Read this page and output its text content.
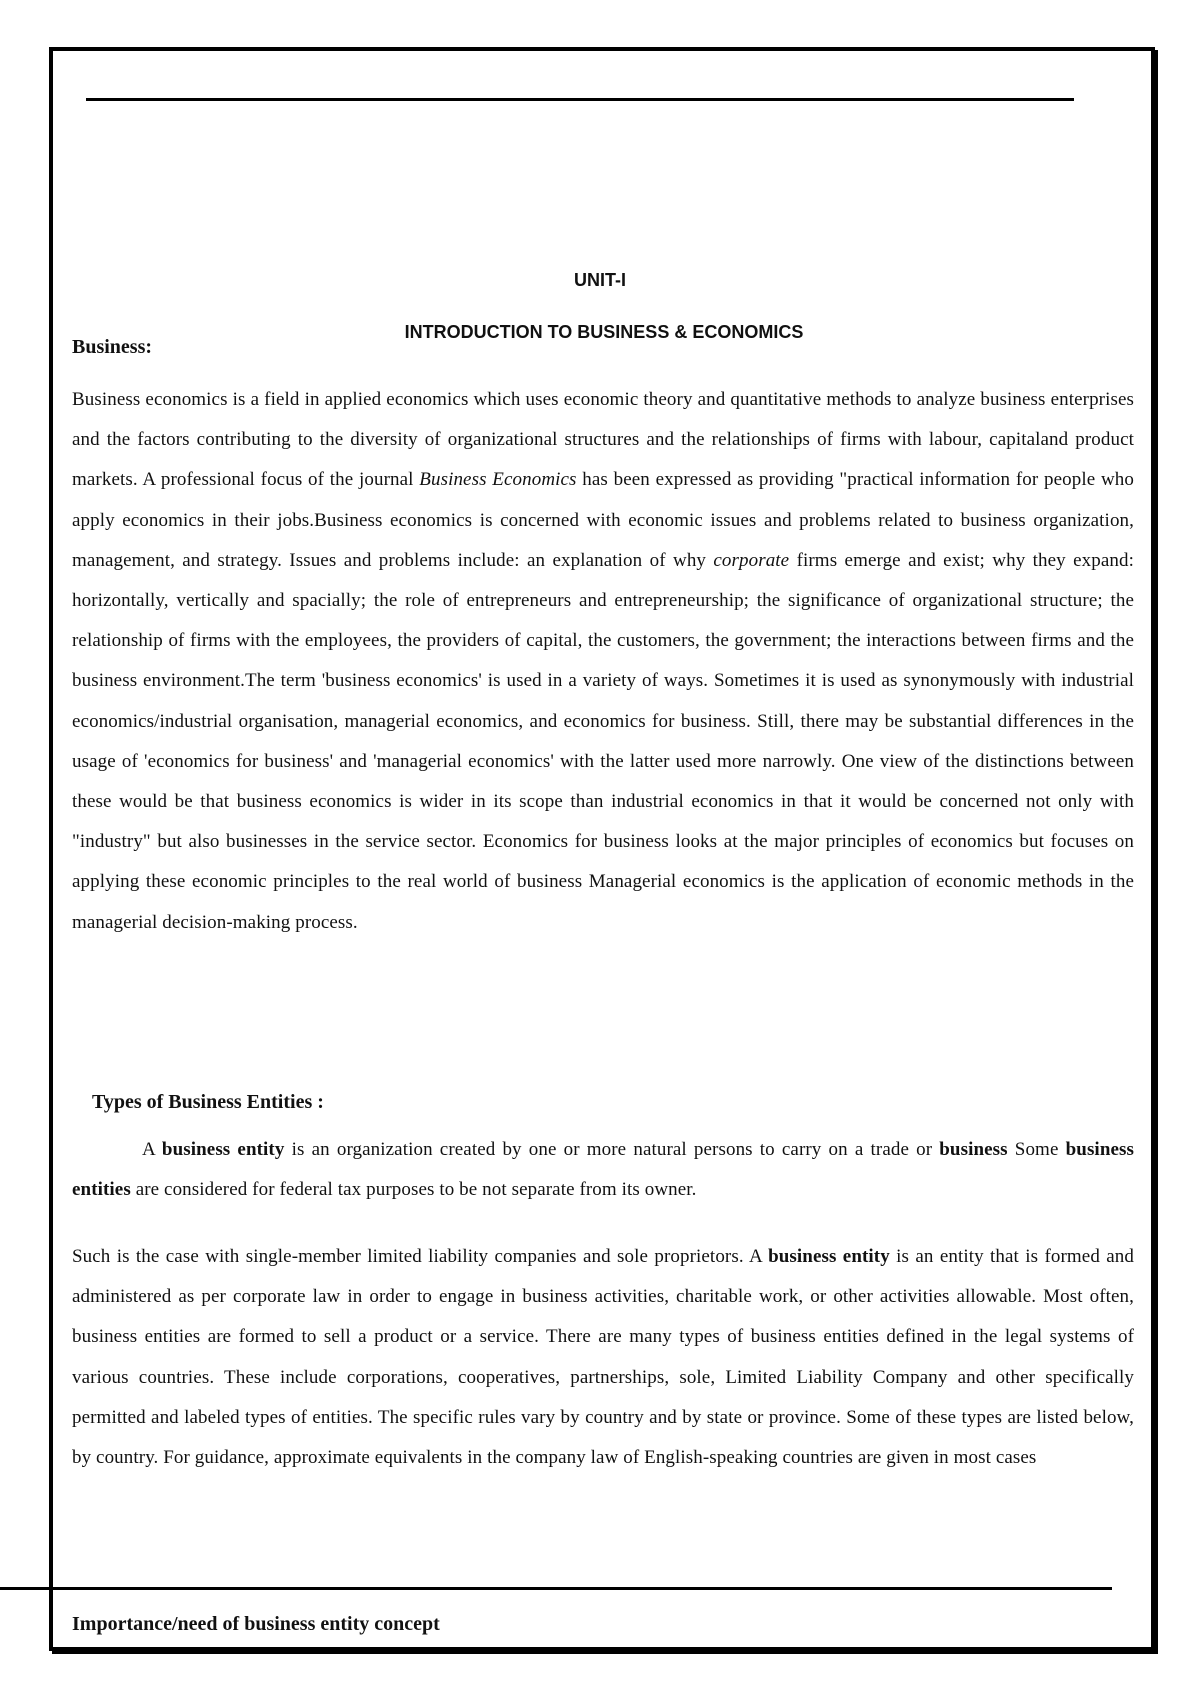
UNIT-I
INTRODUCTION TO BUSINESS & ECONOMICS
Business:
Business economics is a field in applied economics which uses economic theory and quantitative methods to analyze business enterprises and the factors contributing to the diversity of organizational structures and the relationships of firms with labour, capitaland product markets. A professional focus of the journal Business Economics has been expressed as providing "practical information for people who apply economics in their jobs.Business economics is concerned with economic issues and problems related to business organization, management, and strategy. Issues and problems include: an explanation of why corporate firms emerge and exist; why they expand: horizontally, vertically and spacially; the role of entrepreneurs and entrepreneurship; the significance of organizational structure; the relationship of firms with the employees, the providers of capital, the customers, the government; the interactions between firms and the business environment.The term 'business economics' is used in a variety of ways. Sometimes it is used as synonymously with industrial economics/industrial organisation, managerial economics, and economics for business. Still, there may be substantial differences in the usage of 'economics for business' and 'managerial economics' with the latter used more narrowly. One view of the distinctions between these would be that business economics is wider in its scope than industrial economics in that it would be concerned not only with "industry" but also businesses in the service sector. Economics for business looks at the major principles of economics but focuses on applying these economic principles to the real world of business Managerial economics is the application of economic methods in the managerial decision-making process.
Types of Business Entities :
A business entity is an organization created by one or more natural persons to carry on a trade or business Some business entities are considered for federal tax purposes to be not separate from its owner.
Such is the case with single-member limited liability companies and sole proprietors. A business entity is an entity that is formed and administered as per corporate law in order to engage in business activities, charitable work, or other activities allowable. Most often, business entities are formed to sell a product or a service. There are many types of business entities defined in the legal systems of various countries. These include corporations, cooperatives, partnerships, sole, Limited Liability Company and other specifically permitted and labeled types of entities. The specific rules vary by country and by state or province. Some of these types are listed below, by country. For guidance, approximate equivalents in the company law of English-speaking countries are given in most cases
Importance/need of business entity concept
